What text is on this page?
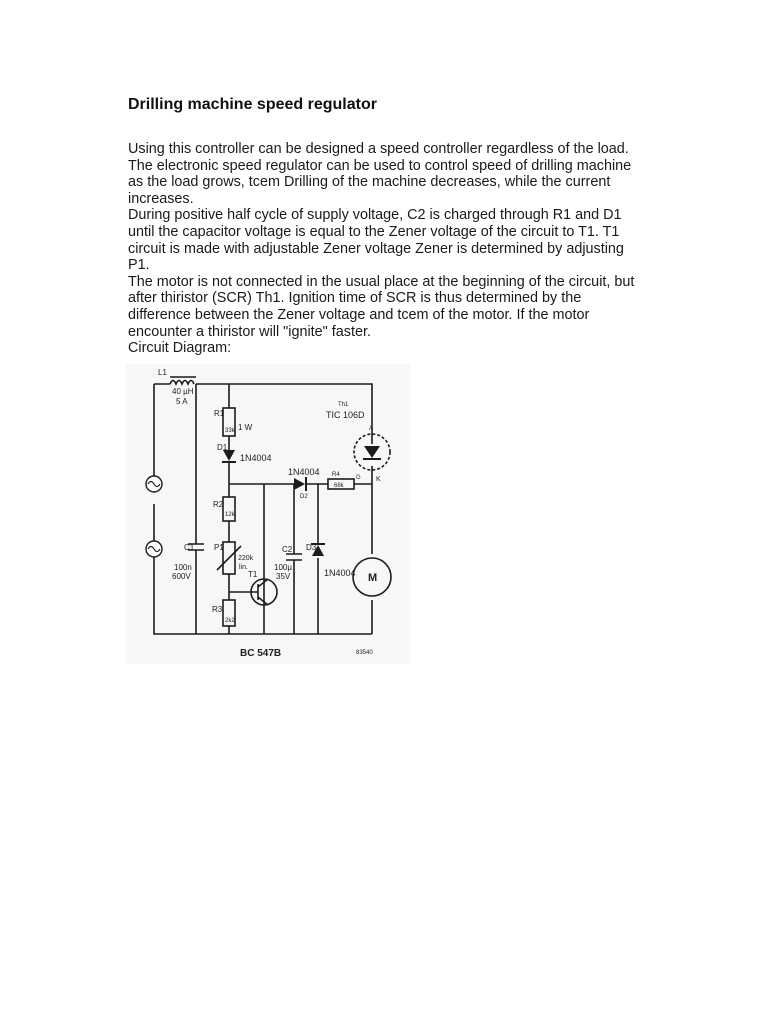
Drilling machine speed regulator
Using this controller can be designed a speed controller regardless of the load.
The electronic speed regulator can be used to control speed of drilling machine
as the load grows, tcem Drilling of the machine decreases, while the current
increases.
During positive half cycle of supply voltage, C2 is charged through R1 and D1
until the capacitor voltage is equal to the Zener voltage of the circuit to T1. T1
circuit is made with adjustable Zener voltage Zener is determined by adjusting
P1.
The motor is not connected in the usual place at the beginning of the circuit, but
after thiristor (SCR) Th1. Ignition time of SCR is thus determined by the
difference between the Zener voltage and tcem of the motor. If the motor
encounter a thiristor will "ignite" faster.
Circuit Diagram:
L1
40 µH
5 A
R1
33k 1 W
D1
1N4004
R2
12k
P1
220k
lin.
C1
100n
600V	T1
BC 547B
R3
2k2
D2
1N4004
C2
100µ
35V
D3
1N4004
R4
68k
Th1
TIC 106D
A
G K
M
83540
